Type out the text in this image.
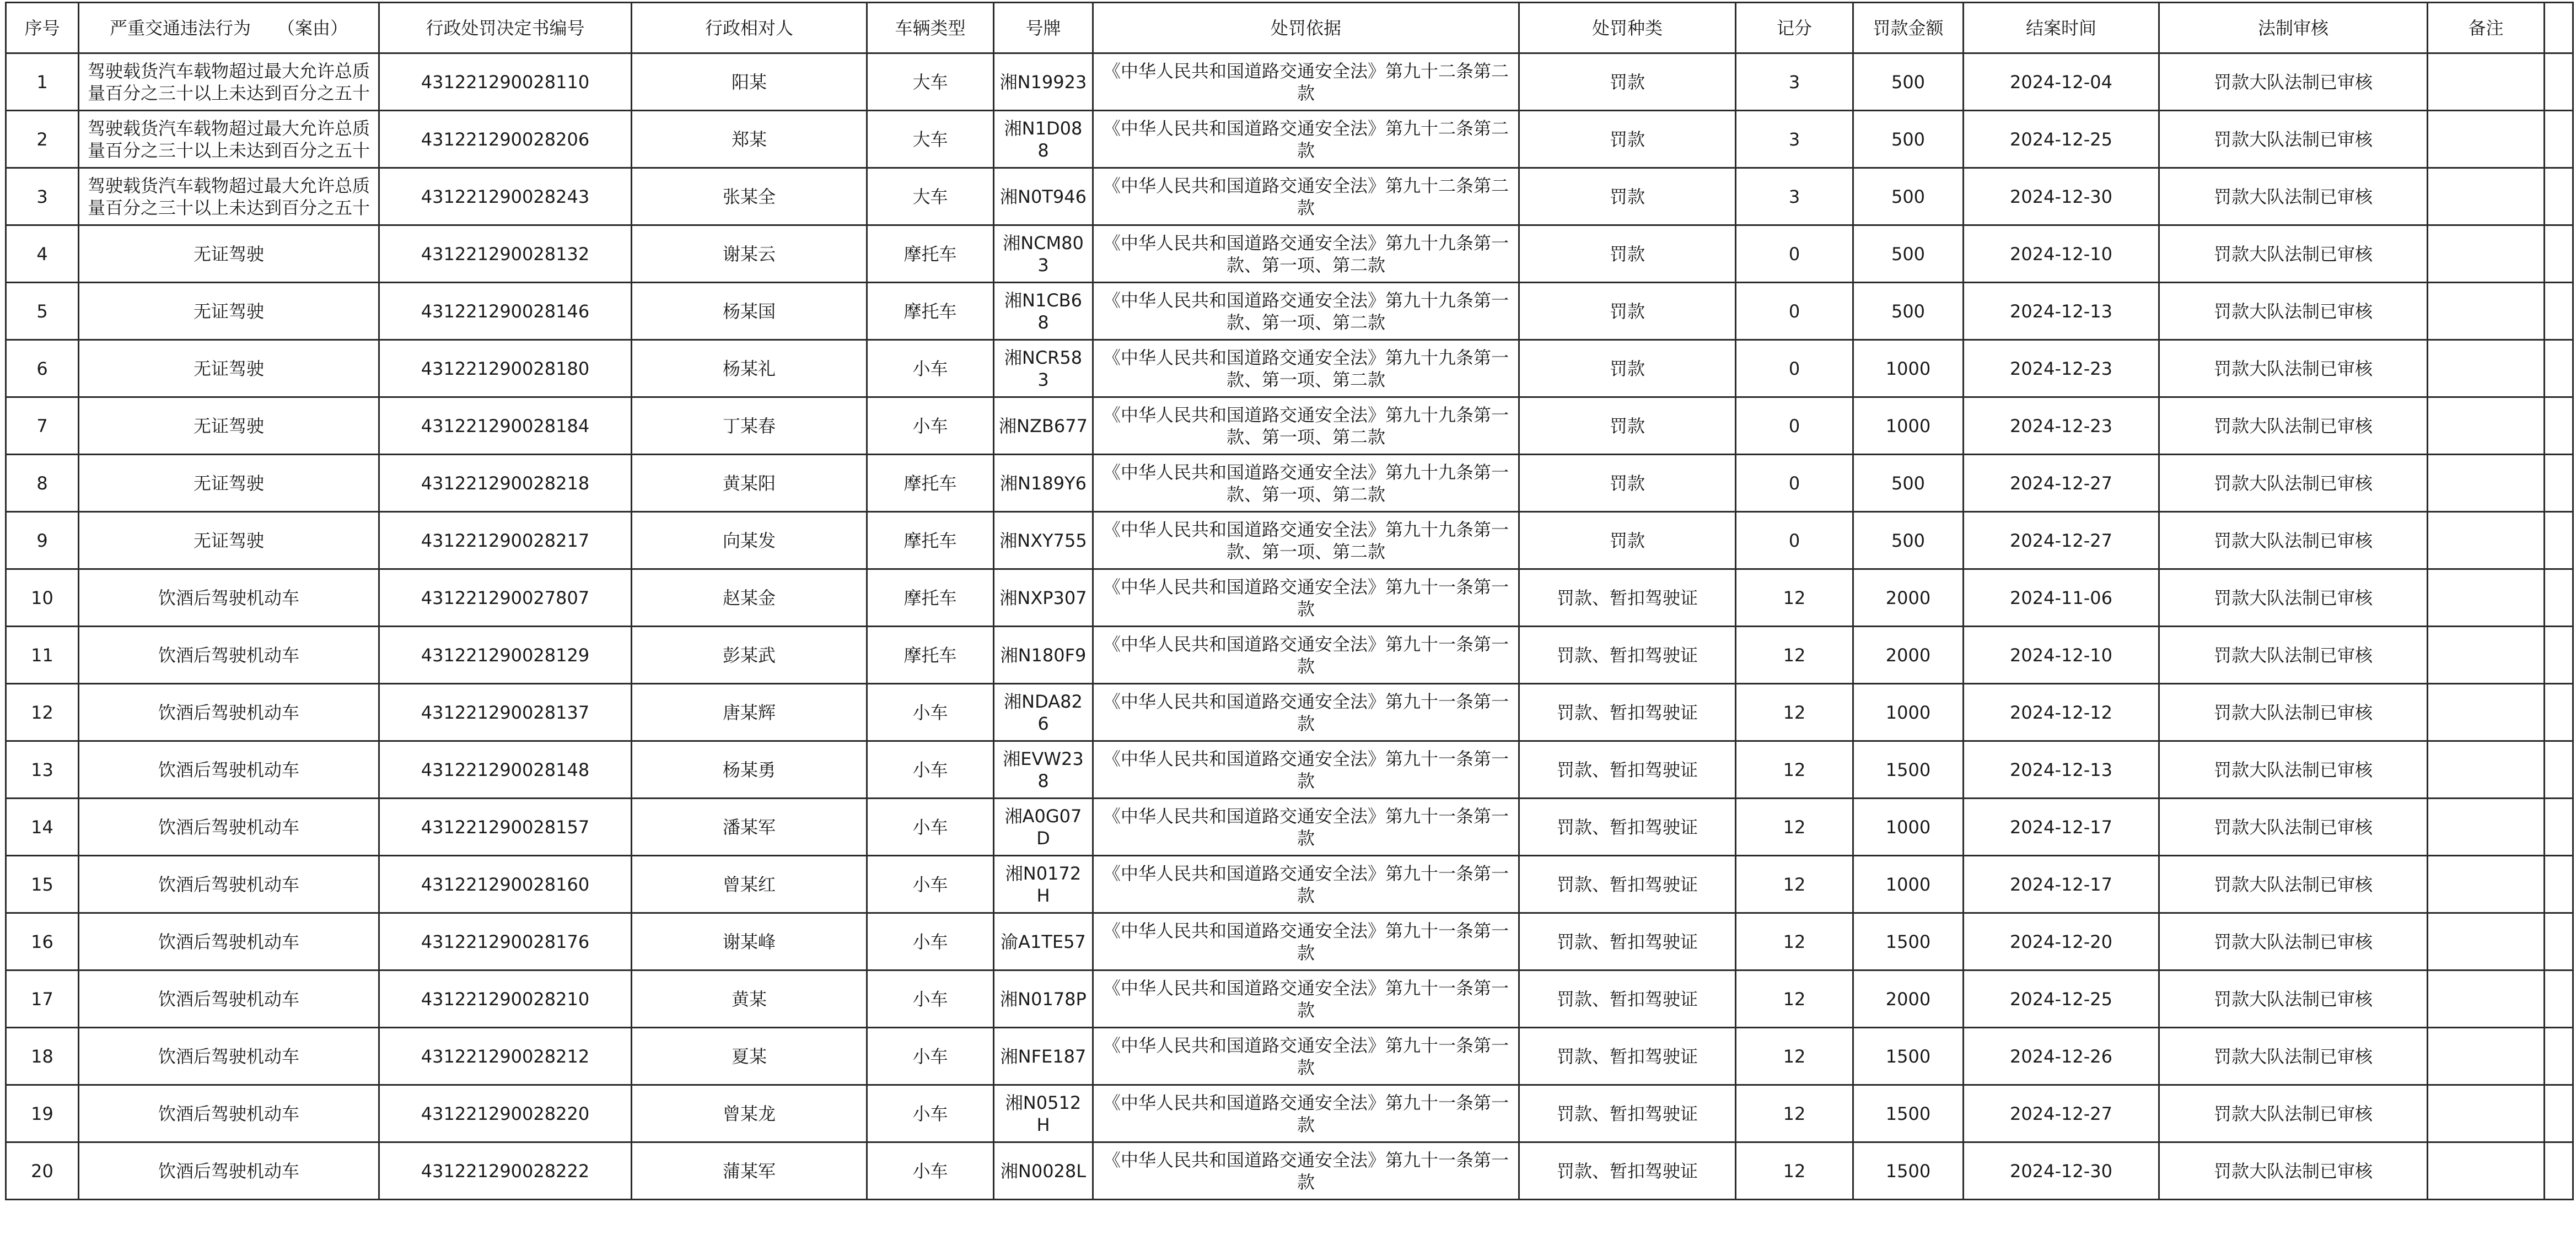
序号	严重交通违法行为　　（案由）	行政处罚决定书编号	行政相对人	车辆类型	号牌	处罚依据	处罚种类	记分	罚款金额	结案时间	法制审核	备注	

1	驾驶载货汽车载物超过最大允许总质量百分之三十以上未达到百分之五十	431221290028110	阳某	大车	湘N19923	《中华人民共和国道路交通安全法》第九十二条第二款	罚款	3	500	2024-12-04	罚款大队法制已审核		

2	驾驶载货汽车载物超过最大允许总质量百分之三十以上未达到百分之五十	431221290028206	郑某	大车	湘N1D088	《中华人民共和国道路交通安全法》第九十二条第二款	罚款	3	500	2024-12-25	罚款大队法制已审核		

3	驾驶载货汽车载物超过最大允许总质量百分之三十以上未达到百分之五十	431221290028243	张某全	大车	湘N0T946	《中华人民共和国道路交通安全法》第九十二条第二款	罚款	3	500	2024-12-30	罚款大队法制已审核		

4	无证驾驶	431221290028132	谢某云	摩托车	湘NCM803	《中华人民共和国道路交通安全法》第九十九条第一款、第一项、第二款	罚款	0	500	2024-12-10	罚款大队法制已审核		

5	无证驾驶	431221290028146	杨某国	摩托车	湘N1CB68	《中华人民共和国道路交通安全法》第九十九条第一款、第一项、第二款	罚款	0	500	2024-12-13	罚款大队法制已审核		

6	无证驾驶	431221290028180	杨某礼	小车	湘NCR583	《中华人民共和国道路交通安全法》第九十九条第一款、第一项、第二款	罚款	0	1000	2024-12-23	罚款大队法制已审核		

7	无证驾驶	431221290028184	丁某春	小车	湘NZB677	《中华人民共和国道路交通安全法》第九十九条第一款、第一项、第二款	罚款	0	1000	2024-12-23	罚款大队法制已审核		

8	无证驾驶	431221290028218	黄某阳	摩托车	湘N189Y6	《中华人民共和国道路交通安全法》第九十九条第一款、第一项、第二款	罚款	0	500	2024-12-27	罚款大队法制已审核		

9	无证驾驶	431221290028217	向某发	摩托车	湘NXY755	《中华人民共和国道路交通安全法》第九十九条第一款、第一项、第二款	罚款	0	500	2024-12-27	罚款大队法制已审核		

10	饮酒后驾驶机动车	431221290027807	赵某金	摩托车	湘NXP307	《中华人民共和国道路交通安全法》第九十一条第一款	罚款、暂扣驾驶证	12	2000	2024-11-06	罚款大队法制已审核		

11	饮酒后驾驶机动车	431221290028129	彭某武	摩托车	湘N180F9	《中华人民共和国道路交通安全法》第九十一条第一款	罚款、暂扣驾驶证	12	2000	2024-12-10	罚款大队法制已审核		

12	饮酒后驾驶机动车	431221290028137	唐某辉	小车	湘NDA826	《中华人民共和国道路交通安全法》第九十一条第一款	罚款、暂扣驾驶证	12	1000	2024-12-12	罚款大队法制已审核		

13	饮酒后驾驶机动车	431221290028148	杨某勇	小车	湘EVW238	《中华人民共和国道路交通安全法》第九十一条第一款	罚款、暂扣驾驶证	12	1500	2024-12-13	罚款大队法制已审核		

14	饮酒后驾驶机动车	431221290028157	潘某军	小车	湘A0G07D	《中华人民共和国道路交通安全法》第九十一条第一款	罚款、暂扣驾驶证	12	1000	2024-12-17	罚款大队法制已审核		

15	饮酒后驾驶机动车	431221290028160	曾某红	小车	湘N0172H	《中华人民共和国道路交通安全法》第九十一条第一款	罚款、暂扣驾驶证	12	1000	2024-12-17	罚款大队法制已审核		

16	饮酒后驾驶机动车	431221290028176	谢某峰	小车	渝A1TE57	《中华人民共和国道路交通安全法》第九十一条第一款	罚款、暂扣驾驶证	12	1500	2024-12-20	罚款大队法制已审核		

17	饮酒后驾驶机动车	431221290028210	黄某	小车	湘N0178P	《中华人民共和国道路交通安全法》第九十一条第一款	罚款、暂扣驾驶证	12	2000	2024-12-25	罚款大队法制已审核		

18	饮酒后驾驶机动车	431221290028212	夏某	小车	湘NFE187	《中华人民共和国道路交通安全法》第九十一条第一款	罚款、暂扣驾驶证	12	1500	2024-12-26	罚款大队法制已审核		

19	饮酒后驾驶机动车	431221290028220	曾某龙	小车	湘N0512H	《中华人民共和国道路交通安全法》第九十一条第一款	罚款、暂扣驾驶证	12	1500	2024-12-27	罚款大队法制已审核		

20	饮酒后驾驶机动车	431221290028222	蒲某军	小车	湘N0028L	《中华人民共和国道路交通安全法》第九十一条第一款	罚款、暂扣驾驶证	12	1500	2024-12-30	罚款大队法制已审核		
